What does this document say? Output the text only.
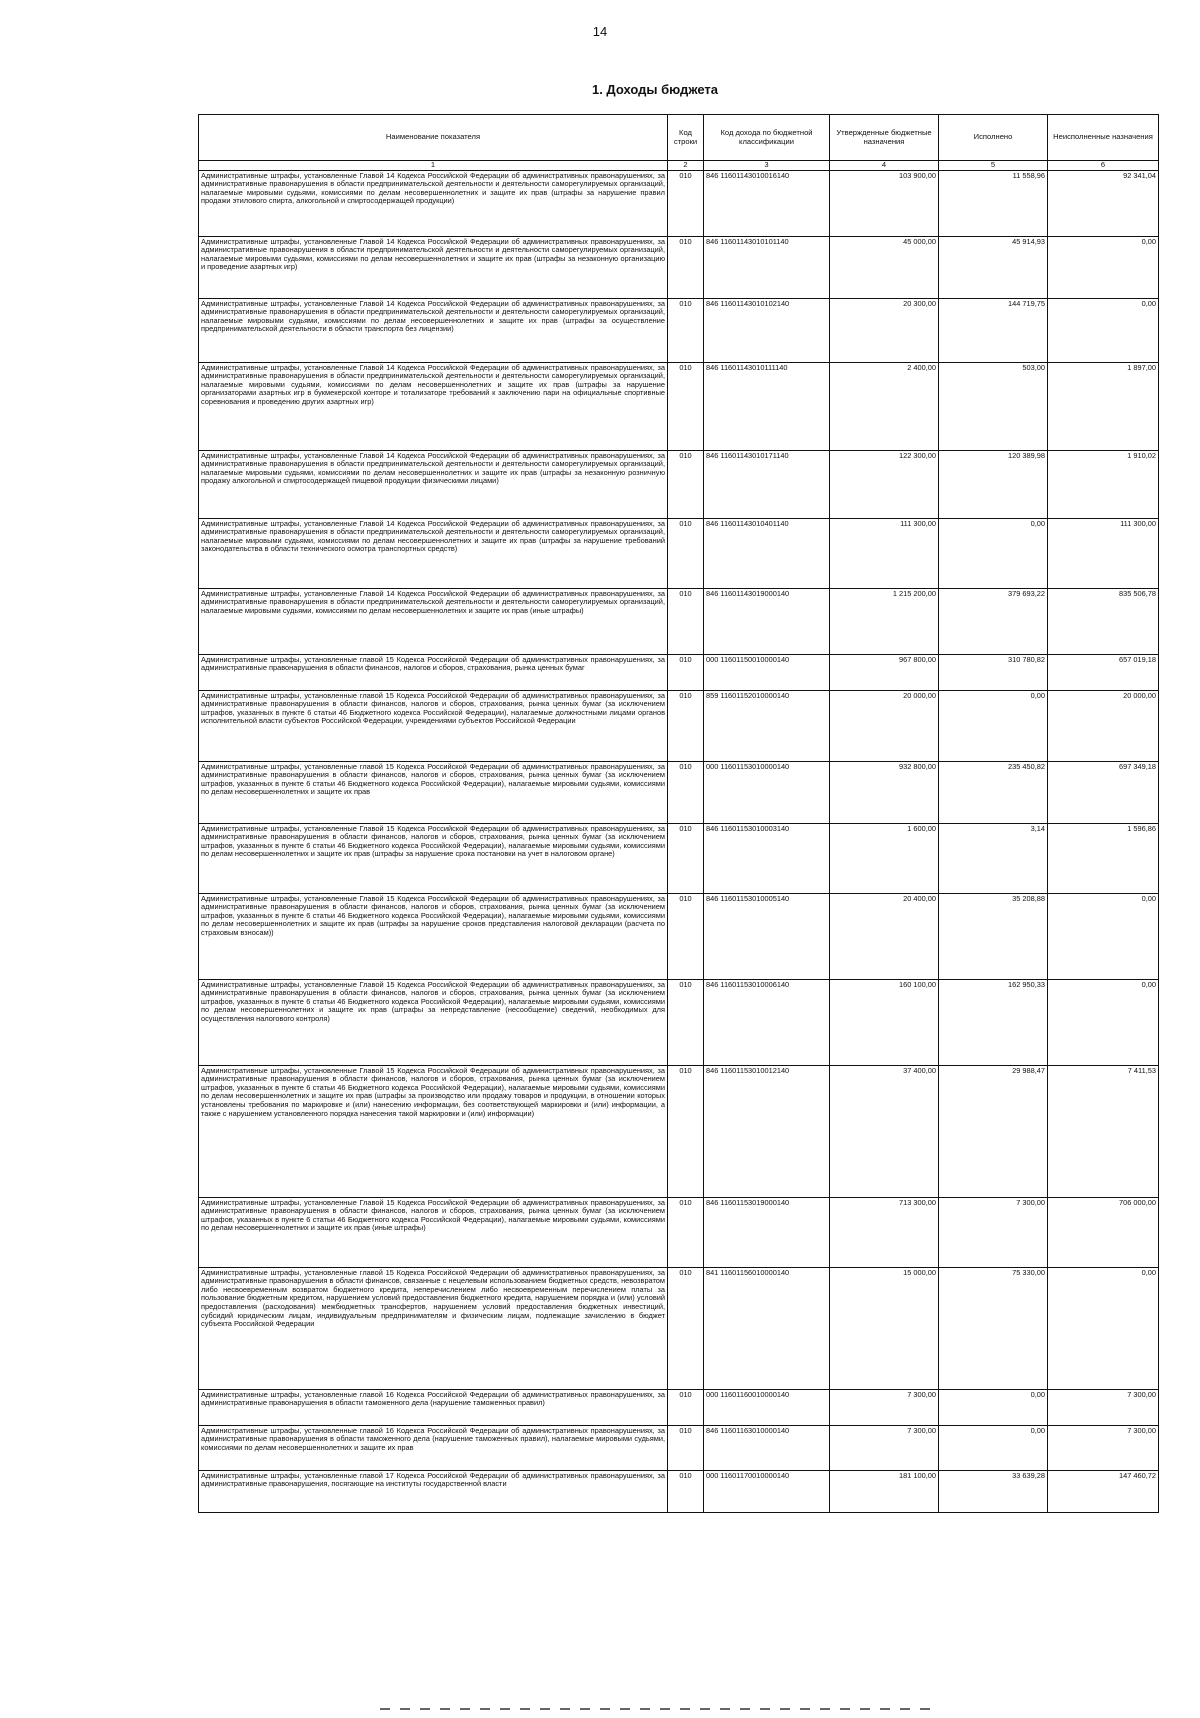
14
1. Доходы бюджета
Наименование показателя	Код строки	Код дохода по бюджетной классификации	Утвержденные бюджетные назначения	Исполнено	Неисполненные назначения
1	2	3	4	5	6
Административные штрафы, установленные Главой 14 Кодекса Российской Федерации об административных правонарушениях, за административные правонарушения в области предпринимательской деятельности и деятельности саморегулируемых организаций, налагаемые мировыми судьями, комиссиями по делам несовершеннолетних и защите их прав (штрафы за нарушение правил продажи этилового спирта, алкогольной и спиртосодержащей продукции)	010	846 11601143010016140	103 900,00	11 558,96	92 341,04
Административные штрафы, установленные Главой 14 Кодекса Российской Федерации об административных правонарушениях, за административные правонарушения в области предпринимательской деятельности и деятельности саморегулируемых организаций, налагаемые мировыми судьями, комиссиями по делам несовершеннолетних и защите их прав (штрафы за незаконную организацию и проведение азартных игр)	010	846 11601143010101140	45 000,00	45 914,93	0,00
Административные штрафы, установленные Главой 14 Кодекса Российской Федерации об административных правонарушениях, за административные правонарушения в области предпринимательской деятельности и деятельности саморегулируемых организаций, налагаемые мировыми судьями, комиссиями по делам несовершеннолетних и защите их прав (штрафы за осуществление предпринимательской деятельности в области транспорта без лицензии)	010	846 11601143010102140	20 300,00	144 719,75	0,00
Административные штрафы, установленные Главой 14 Кодекса Российской Федерации об административных правонарушениях, за административные правонарушения в области предпринимательской деятельности и деятельности саморегулируемых организаций, налагаемые мировыми судьями, комиссиями по делам несовершеннолетних и защите их прав (штрафы за нарушение организаторами азартных игр в букмекерской конторе и тотализаторе требований к заключению пари на официальные спортивные соревнования и проведению других азартных игр)	010	846 11601143010111140	2 400,00	503,00	1 897,00
Административные штрафы, установленные Главой 14 Кодекса Российской Федерации об административных правонарушениях, за административные правонарушения в области предпринимательской деятельности и деятельности саморегулируемых организаций, налагаемые мировыми судьями, комиссиями по делам несовершеннолетних и защите их прав (штрафы за незаконную розничную продажу алкогольной и спиртосодержащей пищевой продукции физическими лицами)	010	846 11601143010171140	122 300,00	120 389,98	1 910,02
Административные штрафы, установленные Главой 14 Кодекса Российской Федерации об административных правонарушениях, за административные правонарушения в области предпринимательской деятельности и деятельности саморегулируемых организаций, налагаемые мировыми судьями, комиссиями по делам несовершеннолетних и защите их прав (штрафы за нарушение требований законодательства в области технического осмотра транспортных средств)	010	846 11601143010401140	111 300,00	0,00	111 300,00
Административные штрафы, установленные Главой 14 Кодекса Российской Федерации об административных правонарушениях, за административные правонарушения в области предпринимательской деятельности и деятельности саморегулируемых организаций, налагаемые мировыми судьями, комиссиями по делам несовершеннолетних и защите их прав (иные штрафы)	010	846 11601143019000140	1 215 200,00	379 693,22	835 506,78
Административные штрафы, установленные главой 15 Кодекса Российской Федерации об административных правонарушениях, за административные правонарушения в области финансов, налогов и сборов, страхования, рынка ценных бумаг	010	000 11601150010000140	967 800,00	310 780,82	657 019,18
Административные штрафы, установленные главой 15 Кодекса Российской Федерации об административных правонарушениях, за административные правонарушения в области финансов, налогов и сборов, страхования, рынка ценных бумаг (за исключением штрафов, указанных в пункте 6 статьи 46 Бюджетного кодекса Российской Федерации), налагаемые должностными лицами органов исполнительной власти субъектов Российской Федерации, учреждениями субъектов Российской Федерации	010	859 11601152010000140	20 000,00	0,00	20 000,00
Административные штрафы, установленные главой 15 Кодекса Российской Федерации об административных правонарушениях, за административные правонарушения в области финансов, налогов и сборов, страхования, рынка ценных бумаг (за исключением штрафов, указанных в пункте 6 статьи 46 Бюджетного кодекса Российской Федерации), налагаемые мировыми судьями, комиссиями по делам несовершеннолетних и защите их прав	010	000 11601153010000140	932 800,00	235 450,82	697 349,18
Административные штрафы, установленные Главой 15 Кодекса Российской Федерации об административных правонарушениях, за административные правонарушения в области финансов, налогов и сборов, страхования, рынка ценных бумаг (за исключением штрафов, указанных в пункте 6 статьи 46 Бюджетного кодекса Российской Федерации), налагаемые мировыми судьями, комиссиями по делам несовершеннолетних и защите их прав (штрафы за нарушение срока постановки на учет в налоговом органе)	010	846 11601153010003140	1 600,00	3,14	1 596,86
Административные штрафы, установленные Главой 15 Кодекса Российской Федерации об административных правонарушениях, за административные правонарушения в области финансов, налогов и сборов, страхования, рынка ценных бумаг (за исключением штрафов, указанных в пункте 6 статьи 46 Бюджетного кодекса Российской Федерации), налагаемые мировыми судьями, комиссиями по делам несовершеннолетних и защите их прав (штрафы за нарушение сроков представления налоговой декларации (расчета по страховым взносам))	010	846 11601153010005140	20 400,00	35 208,88	0,00
Административные штрафы, установленные Главой 15 Кодекса Российской Федерации об административных правонарушениях, за административные правонарушения в области финансов, налогов и сборов, страхования, рынка ценных бумаг (за исключением штрафов, указанных в пункте 6 статьи 46 Бюджетного кодекса Российской Федерации), налагаемые мировыми судьями, комиссиями по делам несовершеннолетних и защите их прав (штрафы за непредставление (несообщение) сведений, необходимых для осуществления налогового контроля)	010	846 11601153010006140	160 100,00	162 950,33	0,00
Административные штрафы, установленные Главой 15 Кодекса Российской Федерации об административных правонарушениях, за административные правонарушения в области финансов, налогов и сборов, страхования, рынка ценных бумаг (за исключением штрафов, указанных в пункте 6 статьи 46 Бюджетного кодекса Российской Федерации), налагаемые мировыми судьями, комиссиями по делам несовершеннолетних и защите их прав (штрафы за производство или продажу товаров и продукции, в отношении которых установлены требования по маркировке и (или) нанесению информации, без соответствующей маркировки и (или) информации, а также с нарушением установленного порядка нанесения такой маркировки и (или) информации)	010	846 11601153010012140	37 400,00	29 988,47	7 411,53
Административные штрафы, установленные Главой 15 Кодекса Российской Федерации об административных правонарушениях, за административные правонарушения в области финансов, налогов и сборов, страхования, рынка ценных бумаг (за исключением штрафов, указанных в пункте 6 статьи 46 Бюджетного кодекса Российской Федерации), налагаемые мировыми судьями, комиссиями по делам несовершеннолетних и защите их прав (иные штрафы)	010	846 11601153019000140	713 300,00	7 300,00	706 000,00
Административные штрафы, установленные главой 15 Кодекса Российской Федерации об административных правонарушениях, за административные правонарушения в области финансов, связанные с нецелевым использованием бюджетных средств, невозвратом либо несвоевременным возвратом бюджетного кредита, неперечислением либо несвоевременным перечислением платы за пользование бюджетным кредитом, нарушением условий предоставления бюджетного кредита, нарушением порядка и (или) условий предоставления (расходования) межбюджетных трансфертов, нарушением условий предоставления бюджетных инвестиций, субсидий юридическим лицам, индивидуальным предпринимателям и физическим лицам, подлежащие зачислению в бюджет субъекта Российской Федерации	010	841 11601156010000140	15 000,00	75 330,00	0,00
Административные штрафы, установленные главой 16 Кодекса Российской Федерации об административных правонарушениях, за административные правонарушения в области таможенного дела (нарушение таможенных правил)	010	000 11601160010000140	7 300,00	0,00	7 300,00
Административные штрафы, установленные главой 16 Кодекса Российской Федерации об административных правонарушениях, за административные правонарушения в области таможенного дела (нарушение таможенных правил), налагаемые мировыми судьями, комиссиями по делам несовершеннолетних и защите их прав	010	846 11601163010000140	7 300,00	0,00	7 300,00
Административные штрафы, установленные главой 17 Кодекса Российской Федерации об административных правонарушениях, за административные правонарушения, посягающие на институты государственной власти	010	000 11601170010000140	181 100,00	33 639,28	147 460,72
